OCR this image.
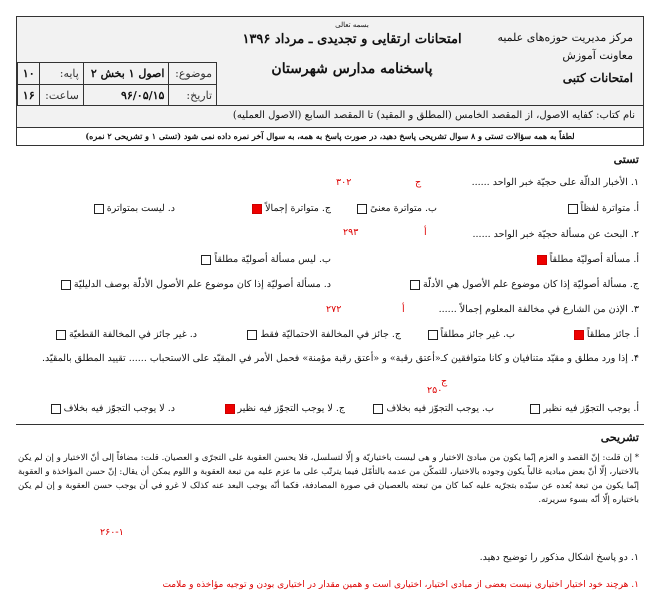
مرکز مدیریت حوزه‌های علمیه
معاونت آموزش
امتحانات کتبی
بسمه تعالی
امتحانات ارتقایی و تجدیدی ـ مرداد ۱۳۹۶
پاسخنامه مدارس شهرستان
موضوع:	اصول ۱ بخش ۲	پایه:	۱۰
تاریخ:	۹۶/۰۵/۱۵	ساعت:	۱۶
نام کتاب: کفایه الاصول، از المقصد الخامس (المطلق و المقید) تا المقصد السابع (الاصول العملیه)
لطفاً به همه سؤالات تستی و ۸ سوال تشریحی پاسخ دهید، در صورت پاسخ به همه، به سوال آخر نمره داده نمی شود (تستی ۱ و تشریحی ۲ نمره)
تستی
۱. الأخبار الدالّة علی حجیّة خبر الواحد ......
ج
۳۰۲
أ. متواترة لفظاً
ب. متواترة معنیً
ج. متواترة إجمالاً
د. لیست بمتواترة
۲. البحث عن مسألة حجیّة خبر الواحد ......
أ
۲۹۳
أ. مسألة أصولیّة مطلقاً
ب. لیس مسألة أصولیّة مطلقاً
ج. مسألة أصولیّة إذا کان موضوع علم الأصول هي الأدلّة
د. مسألة أصولیّة إذا کان موضوع علم الأصول الأدلّة بوصف الدلیلیّة
۳. الإذن من الشارع في مخالفة المعلوم إجمالاً ......
أ
۲۷۲
أ. جائز مطلقاً
ب. غیر جائز مطلقاً
ج. جائز في المخالفة الاحتمالیّة فقط
د. غیر جائز في المخالفة القطعیّة
۴. إذا ورد مطلق و مقیّد متنافیان و کانا متوافقین کـ«أعتق رقبة» و «أعتق رقبة مؤمنة» فحمل الأمر في المقیّد علی الاستحباب ...... تقیید المطلق بالمقیّد.
ج
۲۵۰
أ. یوجب التجوّز فیه نظیر
ب. یوجب التجوّز فیه بخلاف
ج. لا یوجب التجوّز فیه نظیر
د. لا یوجب التجوّز فیه بخلاف
تشریحی
* إن قلت: إنّ القصد و العزم إنّما یکون من مبادئ الاختیار و هی لیست باختیاریّة و إلّا لتسلسل، فلا یحسن العقوبة علی التجرّی و العصیان. قلت: مضافاً إلی أنّ الاختیار و إن لم یکن بالاختیار، إلّا أنّ بعض مبادیه غالباً یکون وجوده بالاختیار، للتمکّن من عدمه بالتأمّل فیما یترتّب علی ما عزم علیه من تبعة العقوبة و اللوم یمکن أن یقال: إنّ حسن المؤاخذة و العقوبة إنّما یکون من تبعة بُعده عن سیّده بتجرّیه علیه کما کان من تبعته بالعصیان في صورة المصادفة، فکما أنّه یوجب البعد عنه کذلک لا غرو في أن یوجب حسن العقوبة و إن لم یکن باختیاره إلّا أنّه بسوء سریرته.
۲۶۰-۱
۱. دو پاسخ اشکال مذکور را توضیح دهید.
۱. هرچند خود اختیار اختیاری نیست بعضی از مبادی اختیار، اختیاری است و همین مقدار در اختیاری بودن و توجیه مؤاخذه و ملامت
